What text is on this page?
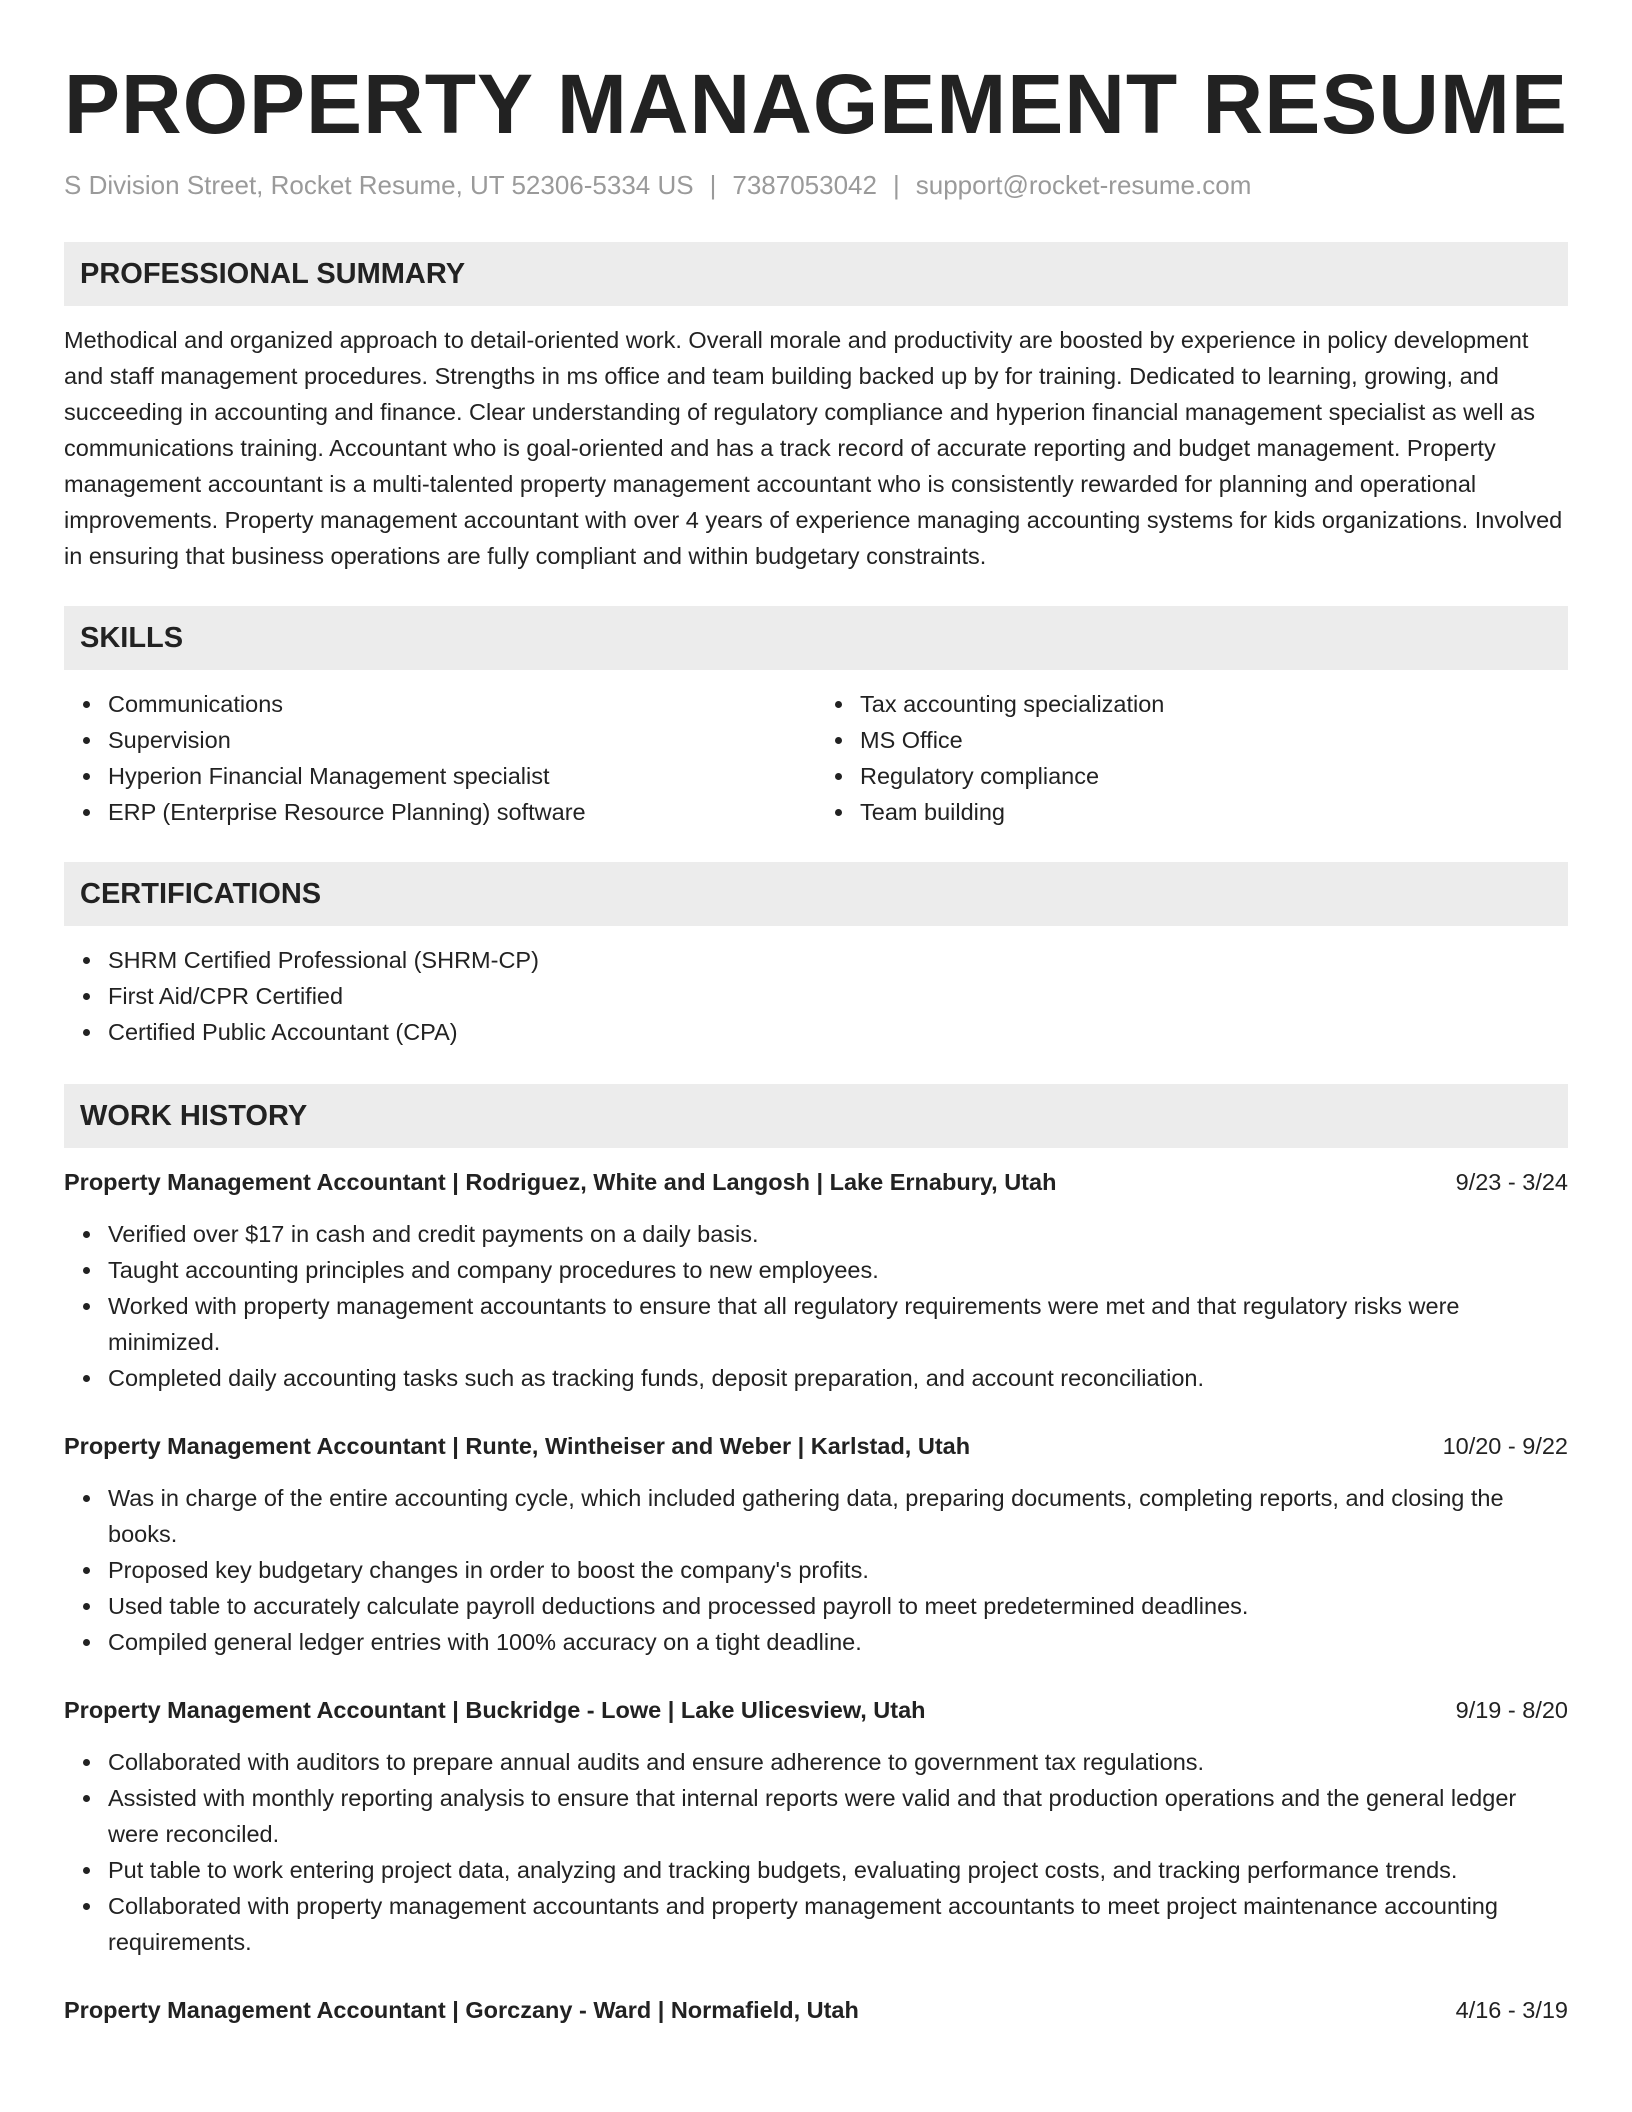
PROPERTY MANAGEMENT RESUME
S Division Street, Rocket Resume, UT 52306-5334 US | 7387053042 | support@rocket-resume.com
PROFESSIONAL SUMMARY

Methodical and organized approach to detail-oriented work. Overall morale and productivity are boosted by experience in policy development and staff management procedures. Strengths in ms office and team building backed up by for training. Dedicated to learning, growing, and succeeding in accounting and finance. Clear understanding of regulatory compliance and hyperion financial management specialist as well as communications training. Accountant who is goal-oriented and has a track record of accurate reporting and budget management. Property management accountant is a multi-talented property management accountant who is consistently rewarded for planning and operational improvements. Property management accountant with over 4 years of experience managing accounting systems for kids organizations. Involved in ensuring that business operations are fully compliant and within budgetary constraints.

SKILLS
Communications
Supervision
Hyperion Financial Management specialist
ERP (Enterprise Resource Planning) software
Tax accounting specialization
MS Office
Regulatory compliance
Team building
CERTIFICATIONS
SHRM Certified Professional (SHRM-CP)
First Aid/CPR Certified
Certified Public Accountant (CPA)
WORK HISTORY
Property Management Accountant | Rodriguez, White and Langosh | Lake Ernabury, Utah	9/23 - 3/24
Verified over $17 in cash and credit payments on a daily basis.
Taught accounting principles and company procedures to new employees.
Worked with property management accountants to ensure that all regulatory requirements were met and that regulatory risks were minimized.
Completed daily accounting tasks such as tracking funds, deposit preparation, and account reconciliation.
Property Management Accountant | Runte, Wintheiser and Weber | Karlstad, Utah	10/20 - 9/22
Was in charge of the entire accounting cycle, which included gathering data, preparing documents, completing reports, and closing the books.
Proposed key budgetary changes in order to boost the company's profits.
Used table to accurately calculate payroll deductions and processed payroll to meet predetermined deadlines.
Compiled general ledger entries with 100% accuracy on a tight deadline.
Property Management Accountant | Buckridge - Lowe | Lake Ulicesview, Utah	9/19 - 8/20
Collaborated with auditors to prepare annual audits and ensure adherence to government tax regulations.
Assisted with monthly reporting analysis to ensure that internal reports were valid and that production operations and the general ledger were reconciled.
Put table to work entering project data, analyzing and tracking budgets, evaluating project costs, and tracking performance trends.
Collaborated with property management accountants and property management accountants to meet project maintenance accounting requirements.
Property Management Accountant | Gorczany - Ward | Normafield, Utah	4/16 - 3/19
